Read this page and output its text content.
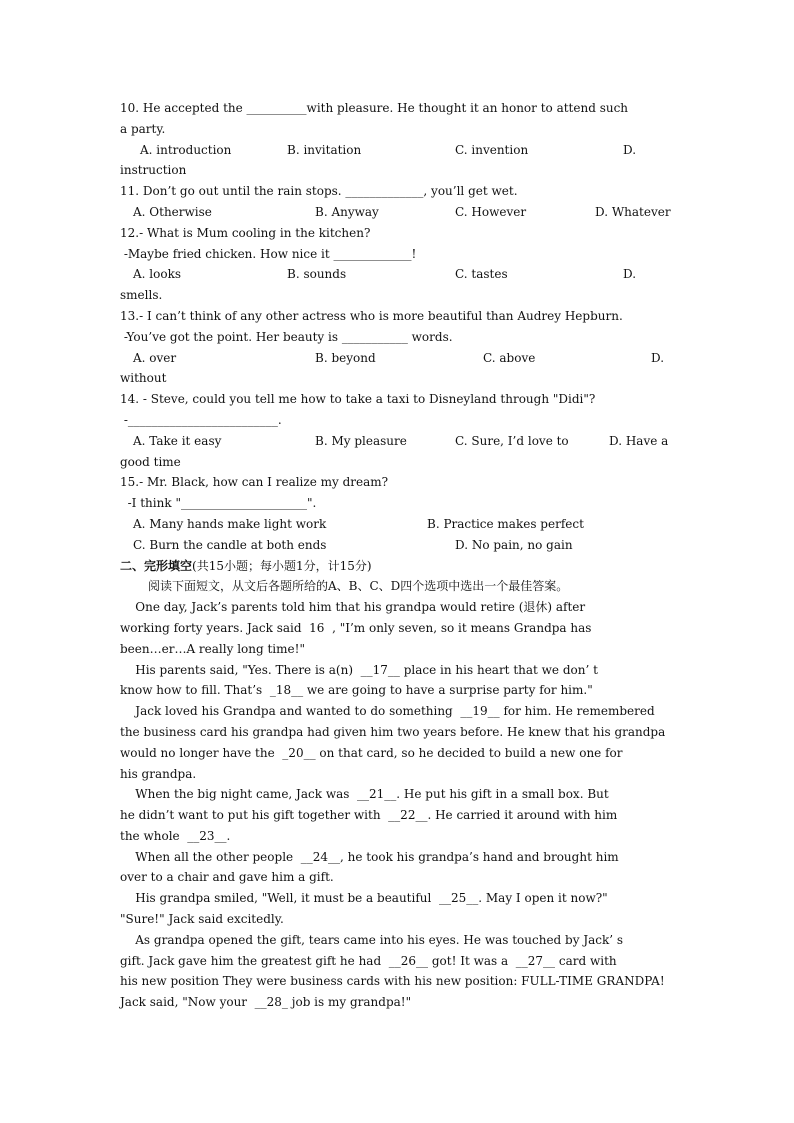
10. He accepted the __________with pleasure. He thought it an honor to attend such
a party.
A. introduction	B. invitation	C. invention	D.
instruction
11. Don’t go out until the rain stops. _____________, you’ll get wet.
A. Otherwise	B. Anyway	C. However	D. Whatever
12.- What is Mum cooling in the kitchen?
-Maybe fried chicken. How nice it _____________!
A. looks	B. sounds	C. tastes	D.
smells.
13.- I can’t think of any other actress who is more beautiful than Audrey Hepburn.
-You’ve got the point. Her beauty is ___________ words.
A. over	B. beyond	C. above	D.
without
14. - Steve, could you tell me how to take a taxi to Disneyland through "Didi"?
-_________________________.
A. Take it easy	B. My pleasure	C. Sure, I’d love to	D. Have a
good time
15.- Mr. Black, how can I realize my dream?
-I think "_____________________".
A. Many hands make light work	B. Practice makes perfect
C. Burn the candle at both ends	D. No pain, no gain
二、完形填空(共15小题；每小题1分，计15分)
阅读下面短文，从文后各题所给的A、B、C、D四个选项中选出一个最佳答案。
One day, Jack’s parents told him that his grandpa would retire (退休) after
working forty years. Jack said  16  , "I’m only seven, so it means Grandpa has
been…er…A really long time!"
His parents said, "Yes. There is a(n)  __17__ place in his heart that we don’ t
know how to fill. That’s  _18__ we are going to have a surprise party for him."
Jack loved his Grandpa and wanted to do something  __19__ for him. He remembered
the business card his grandpa had given him two years before. He knew that his grandpa
would no longer have the  _20__ on that card, so he decided to build a new one for
his grandpa.
When the big night came, Jack was  __21__. He put his gift in a small box. But
he didn’t want to put his gift together with  __22__. He carried it around with him
the whole  __23__.
When all the other people  __24__, he took his grandpa’s hand and brought him
over to a chair and gave him a gift.
His grandpa smiled, "Well, it must be a beautiful  __25__. May I open it now?"
"Sure!" Jack said excitedly.
As grandpa opened the gift, tears came into his eyes. He was touched by Jack’ s
gift. Jack gave him the greatest gift he had  __26__ got! It was a  __27__ card with
his new position They were business cards with his new position: FULL-TIME GRANDPA!
Jack said, "Now your  __28_ job is my grandpa!"
